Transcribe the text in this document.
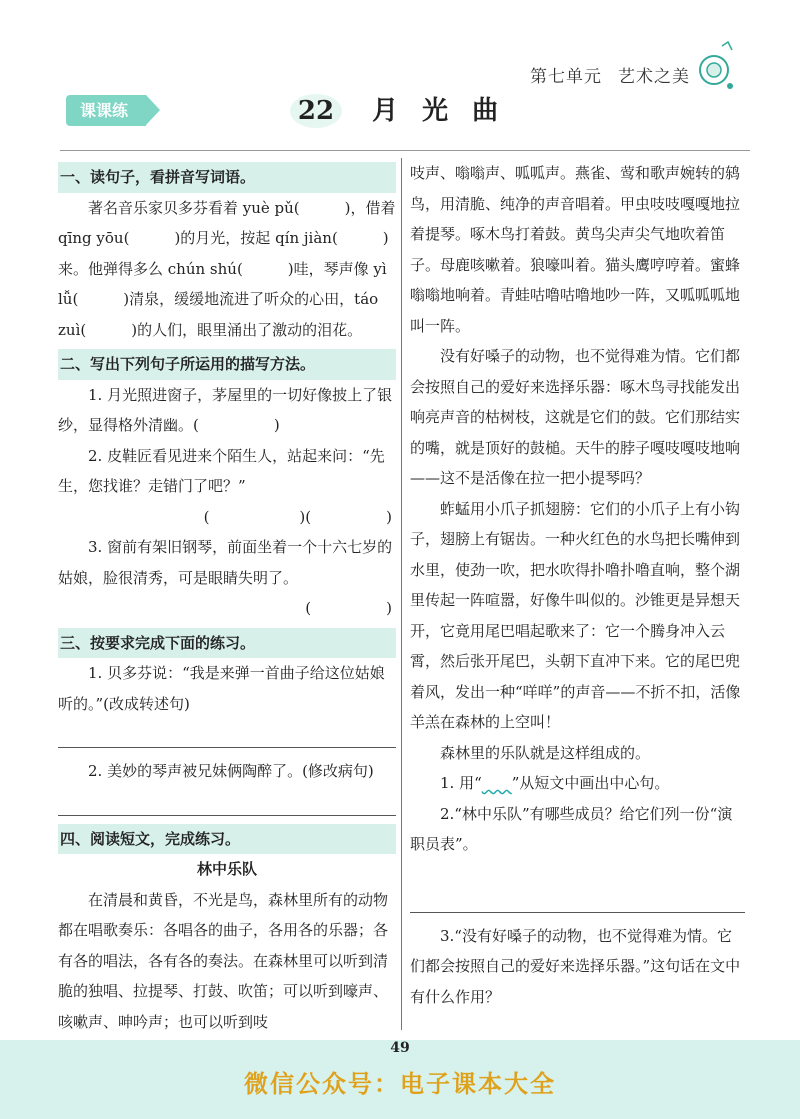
第七单元 艺术之美
课课练	22 月 光 曲
一、读句子，看拼音写词语。

著名音乐家贝多芬看着 yuè pǔ(　　　)，借着 qīng yōu(　　　)的月光，按起 qín jiàn(　　　)来。他弹得多么 chún shú(　　　)哇，琴声像 yì lǚ(　　　)清泉，缓缓地流进了听众的心田，táo zuì(　　　)的人们，眼里涌出了激动的泪花。

二、写出下列句子所运用的描写方法。

1. 月光照进窗子，茅屋里的一切好像披上了银纱，显得格外清幽。(　　　　　)

2. 皮鞋匠看见进来个陌生人，站起来问：“先生，您找谁？走错门了吧？”

(　　　　　　)(　　　　　)

3. 窗前有架旧钢琴，前面坐着一个十六七岁的姑娘，脸很清秀，可是眼睛失明了。

(　　　　　)

三、按要求完成下面的练习。

1. 贝多芬说：“我是来弹一首曲子给这位姑娘听的。”(改成转述句)

2. 美妙的琴声被兄妹俩陶醉了。(修改病句)

四、阅读短文，完成练习。

林中乐队

在清晨和黄昏，不光是鸟，森林里所有的动物都在唱歌奏乐：各唱各的曲子，各用各的乐器；各有各的唱法，各有各的奏法。在森林里可以听到清脆的独唱、拉提琴、打鼓、吹笛；可以听到嚎声、咳嗽声、呻吟声；也可以听到吱

吱声、嗡嗡声、呱呱声。燕雀、莺和歌声婉转的鸫鸟，用清脆、纯净的声音唱着。甲虫吱吱嘎嘎地拉着提琴。啄木鸟打着鼓。黄鸟尖声尖气地吹着笛子。母鹿咳嗽着。狼嚎叫着。猫头鹰哼哼着。蜜蜂嗡嗡地响着。青蛙咕噜咕噜地吵一阵，又呱呱呱地叫一阵。

没有好嗓子的动物，也不觉得难为情。它们都会按照自己的爱好来选择乐器：啄木鸟寻找能发出响亮声音的枯树枝，这就是它们的鼓。它们那结实的嘴，就是顶好的鼓槌。天牛的脖子嘎吱嘎吱地响——这不是活像在拉一把小提琴吗？

蚱蜢用小爪子抓翅膀：它们的小爪子上有小钩子，翅膀上有锯齿。一种火红色的水鸟把长嘴伸到水里，使劲一吹，把水吹得扑噜扑噜直响，整个湖里传起一阵喧嚣，好像牛叫似的。沙锥更是异想天开，它竟用尾巴唱起歌来了：它一个腾身冲入云霄，然后张开尾巴，头朝下直冲下来。它的尾巴兜着风，发出一种“咩咩”的声音——不折不扣，活像羊羔在森林的上空叫！

森林里的乐队就是这样组成的。

1. 用“　　 ”从短文中画出中心句。

2.“林中乐队”有哪些成员？给它们列一份“演职员表”。

3.“没有好嗓子的动物，也不觉得难为情。它们都会按照自己的爱好来选择乐器。”这句话在文中有什么作用？

49
微信公众号：电子课本大全
